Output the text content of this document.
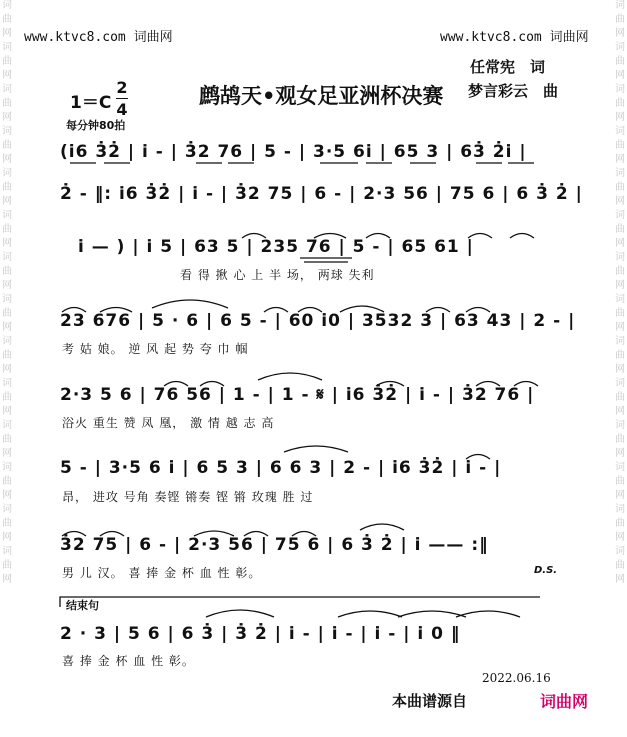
词
曲
网
词
曲
网
词
曲
网
词
曲
网
词
曲
网
词
曲
网
词
曲
网
词
曲
网
词
曲
网
词
曲
网
词
曲
网
词
曲
网
词
曲
网
词
曲
网
词
曲
网
词
曲
网
词
曲
网
词
曲
网
词
曲
网
词
曲
网
词
曲
网
词
曲
网
词
曲
网
词
曲
网
词
曲
网
词
曲
网
词
曲
网
词
曲
网
www.ktvc8.com 词曲网	www.ktvc8.com 词曲网
任常宪　词
1＝C
2
4
鹧鸪天•观女足亚洲杯决赛 梦言彩云　曲
每分钟80拍
(i6 3̇2̇ | i̇ - | 3̇2 76 | 5 - | 3·5 6i̇ | 65 3 | 63̇ 2̇i̇ |
2̇ - ‖: i̇6 3̇2̇ | i̇ - | 3̇2 75 | 6 - | 2·3 56 | 75 6 | 6 3̇ 2̇ |
i̇ — ) | i̇ 5 | 63 5 | 235 76 | 5 - | 65 61 |
看 得 揪 心 上 半 场， 两球 失利
23 676 | 5 · 6 | 6 5 - | 60 i̇0 | 3532 3 | 63 43 | 2 - |
考 姑 娘。 逆 风 起 势 夸 巾 帼
2·3 5 6 | 76 56 | 1 - | 1 - 𝄋 | i̇6 3̇2̇ | i̇ - | 3̇2 76 |
浴火 重生 赞 凤 凰， 激 情 越 志 高
5 - | 3·5 6 i̇ | 6 5 3 | 6 6 3 | 2 - | i̇6 3̇2̇ | i̇ - |
昂， 进攻 号角 奏铿 锵奏 铿 锵 玫瑰 胜 过
3̇2 75 | 6 - | 2·3 56 | 75 6 | 6 3̇ 2̇ | i̇ —— :‖
男 儿 汉。 喜 捧 金 杯 血 性 彰。	D.S.
结束句
2 · 3 | 5 6 | 6 3̇ | 3̇ 2̇ | i̇ - | i̇ - | i̇ - | i̇ 0 ‖
喜 捧 金 杯 血 性 彰。
2022.06.16
本曲谱源自	词曲网
